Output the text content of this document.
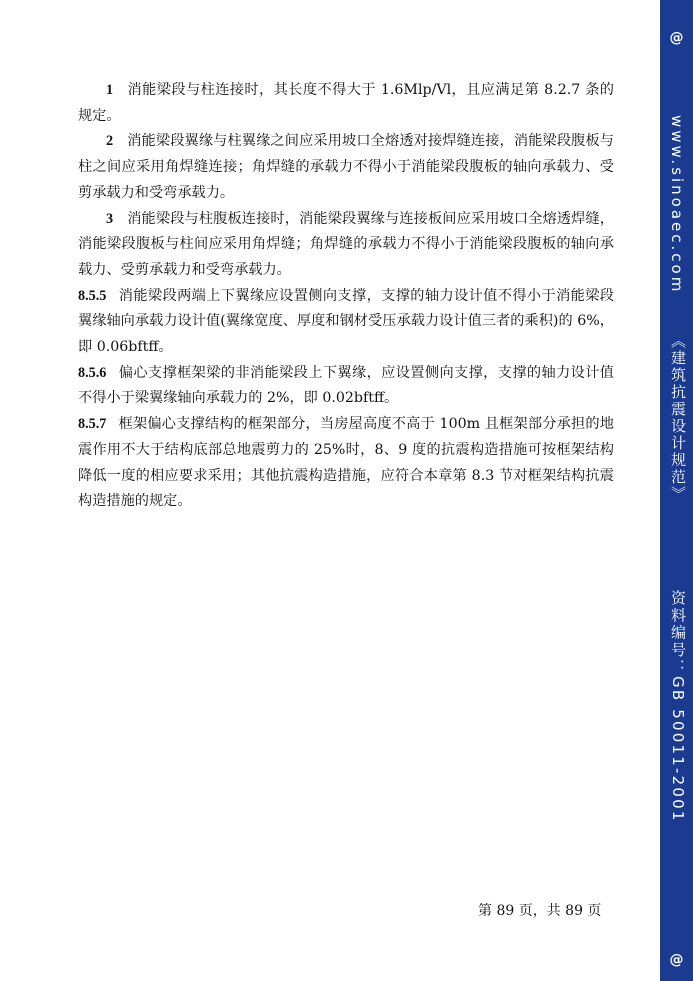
1 消能梁段与柱连接时，其长度不得大于 1.6Mlp/Vl，且应满足第 8.2.7 条的规定。

2 消能梁段翼缘与柱翼缘之间应采用坡口全熔透对接焊缝连接，消能梁段腹板与柱之间应采用角焊缝连接；角焊缝的承载力不得小于消能梁段腹板的轴向承载力、受剪承载力和受弯承载力。

3 消能梁段与柱腹板连接时，消能梁段翼缘与连接板间应采用坡口全熔透焊缝，消能梁段腹板与柱间应采用角焊缝；角焊缝的承载力不得小于消能梁段腹板的轴向承载力、受剪承载力和受弯承载力。

8.5.5 消能梁段两端上下翼缘应设置侧向支撑，支撑的轴力设计值不得小于消能梁段翼缘轴向承载力设计值(翼缘宽度、厚度和钢材受压承载力设计值三者的乘积)的 6%，即 0.06bftff。

8.5.6 偏心支撑框架梁的非消能梁段上下翼缘，应设置侧向支撑，支撑的轴力设计值不得小于梁翼缘轴向承载力的 2%，即 0.02bftff。

8.5.7 框架偏心支撑结构的框架部分，当房屋高度不高于 100m 且框架部分承担的地震作用不大于结构底部总地震剪力的 25%时，8、9 度的抗震构造措施可按框架结构降低一度的相应要求采用；其他抗震构造措施，应符合本章第 8.3 节对框架结构抗震构造措施的规定。

第 89 页，共 89 页
@
www.sinoaec.com
《建筑抗震设计规范》
资料编号：GB 50011-2001
@
